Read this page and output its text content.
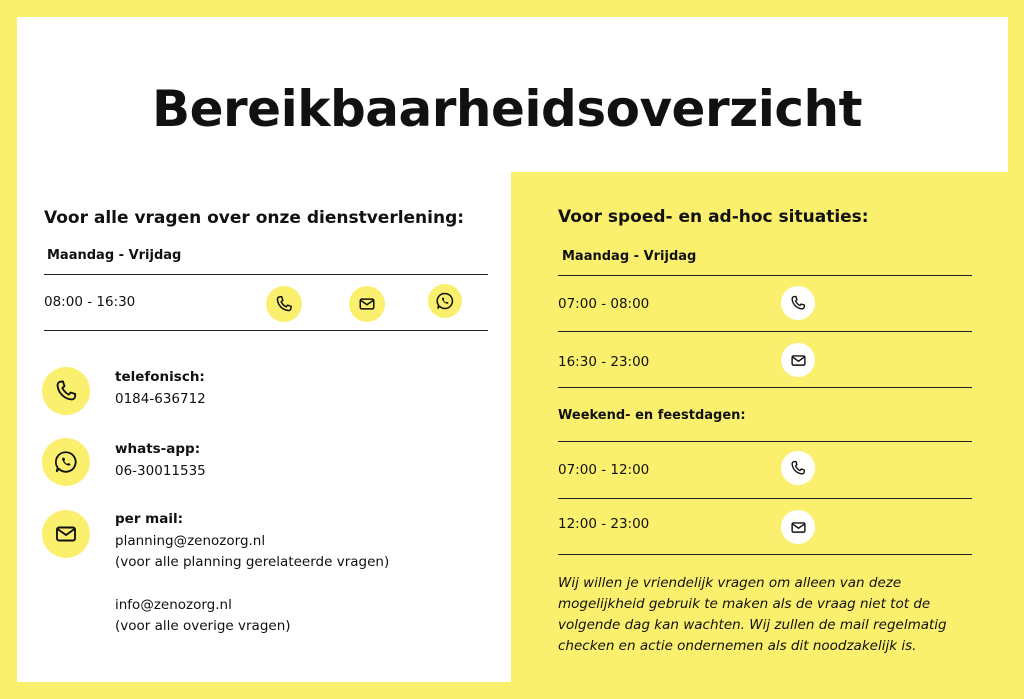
Bereikbaarheidsoverzicht
Voor alle vragen over onze dienstverlening:
Maandag - Vrijdag
08:00 - 16:30
telefonisch:
0184-636712
whats-app:
06-30011535
per mail:
planning@zenozorg.nl
(voor alle planning gerelateerde vragen)
info@zenozorg.nl
(voor alle overige vragen)
Voor spoed- en ad-hoc situaties:
Maandag - Vrijdag
07:00 - 08:00
16:30 - 23:00
Weekend- en feestdagen:
07:00 - 12:00
12:00 - 23:00
Wij willen je vriendelijk vragen om alleen van deze mogelijkheid gebruik te maken als de vraag niet tot de volgende dag kan wachten. Wij zullen de mail regelmatig checken en actie ondernemen als dit noodzakelijk is.
